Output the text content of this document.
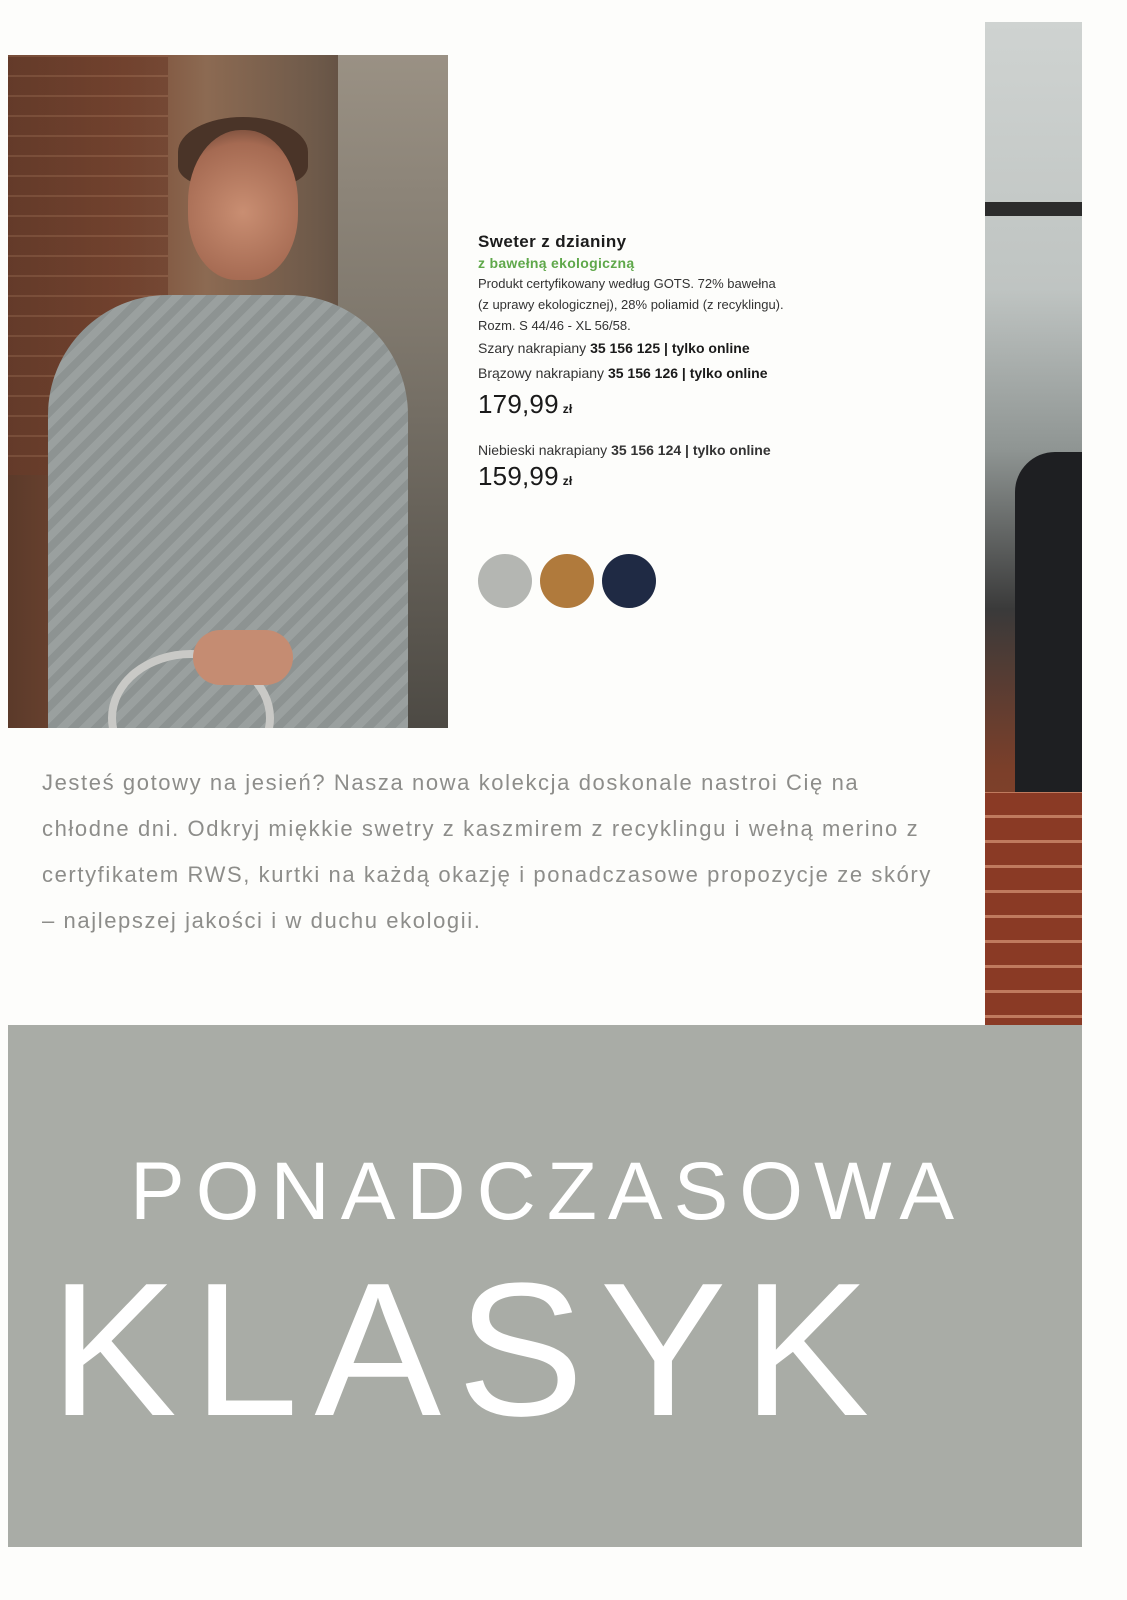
Sweter z dzianiny

z bawełną ekologiczną

Produkt certyfikowany według GOTS. 72% bawełna
(z uprawy ekologicznej), 28% poliamid (z recyklingu).
Rozm. S 44/46 - XL 56/58.
Szary nakrapiany 35 156 125 | tylko online
Brązowy nakrapiany 35 156 126 | tylko online
179,99 zł
Niebieski nakrapiany 35 156 124 | tylko online
159,99 zł

Jesteś gotowy na jesień? Nasza nowa kolekcja doskonale nastroi Cię na chłodne dni. Odkryj miękkie swetry z kaszmirem z recyklingu i wełną merino z certyfikatem RWS, kurtki na każdą okazję i ponadczasowe propozycje ze skóry – najlepszej jakości i w duchu ekologii.

PONADCZASOWA

KLASYK
